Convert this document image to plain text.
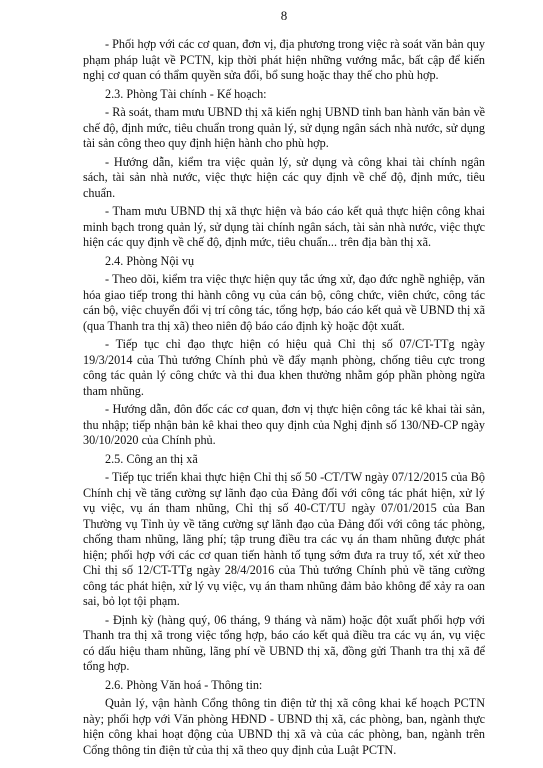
8

- Phối hợp với các cơ quan, đơn vị, địa phương trong việc rà soát văn bản quy phạm pháp luật về PCTN, kịp thời phát hiện những vướng mắc, bất cập để kiến nghị cơ quan có thẩm quyền sửa đổi, bổ sung hoặc thay thế cho phù hợp.

2.3. Phòng Tài chính - Kế hoạch:

- Rà soát, tham mưu UBND thị xã kiến nghị UBND tỉnh ban hành văn bản về chế độ, định mức, tiêu chuẩn trong quản lý, sử dụng ngân sách nhà nước, sử dụng tài sản công theo quy định hiện hành cho phù hợp.

- Hướng dẫn, kiểm tra việc quản lý, sử dụng và công khai tài chính ngân sách, tài sản nhà nước, việc thực hiện các quy định về chế độ, định mức, tiêu chuẩn.

- Tham mưu UBND thị xã thực hiện và báo cáo kết quả thực hiện công khai minh bạch trong quản lý, sử dụng tài chính ngân sách, tài sản nhà nước, việc thực hiện các quy định về chế độ, định mức, tiêu chuẩn... trên địa bàn thị xã.

2.4. Phòng Nội vụ

- Theo dõi, kiểm tra việc thực hiện quy tắc ứng xử, đạo đức nghề nghiệp, văn hóa giao tiếp trong thi hành công vụ của cán bộ, công chức, viên chức, công tác cán bộ, việc chuyển đổi vị trí công tác, tổng hợp, báo cáo kết quả về UBND thị xã (qua Thanh tra thị xã) theo niên độ báo cáo định kỳ hoặc đột xuất.

- Tiếp tục chỉ đạo thực hiện có hiệu quả Chỉ thị số 07/CT-TTg ngày 19/3/2014 của Thủ tướng Chính phủ về đẩy mạnh phòng, chống tiêu cực trong công tác quản lý công chức và thi đua khen thưởng nhằm góp phần phòng ngừa tham nhũng.

- Hướng dẫn, đôn đốc các cơ quan, đơn vị thực hiện công tác kê khai tài sản, thu nhập; tiếp nhận bản kê khai theo quy định của Nghị định số 130/NĐ-CP ngày 30/10/2020 của Chính phủ.

2.5. Công an thị xã

- Tiếp tục triển khai thực hiện Chỉ thị số 50 -CT/TW ngày 07/12/2015 của Bộ Chính chị về tăng cường sự lãnh đạo của Đảng đối với công tác phát hiện, xử lý vụ việc, vụ án tham nhũng, Chỉ thị số 40-CT/TU ngày 07/01/2015 của Ban Thường vụ Tỉnh ủy về tăng cường sự lãnh đạo của Đảng đối với công tác phòng, chống tham nhũng, lãng phí; tập trung điều tra các vụ án tham nhũng được phát hiện; phối hợp với các cơ quan tiến hành tố tụng sớm đưa ra truy tố, xét xử theo Chỉ thị số 12/CT-TTg ngày 28/4/2016 của Thủ tướng Chính phủ về tăng cường công tác phát hiện, xử lý vụ việc, vụ án tham nhũng đảm bảo không để xảy ra oan sai, bỏ lọt tội phạm.

- Định kỳ (hàng quý, 06 tháng, 9 tháng và năm) hoặc đột xuất phối hợp với Thanh tra thị xã trong việc tổng hợp, báo cáo kết quả điều tra các vụ án, vụ việc có dấu hiệu tham nhũng, lãng phí về UBND thị xã, đồng gửi Thanh tra thị xã để tổng hợp.

2.6. Phòng Văn hoá - Thông tin:

Quản lý, vận hành Cổng thông tin điện tử thị xã công khai kế hoạch PCTN này; phối hợp với Văn phòng HĐND - UBND thị xã, các phòng, ban, ngành thực hiện công khai hoạt động của UBND thị xã và của các phòng, ban, ngành trên Cổng thông tin điện tử của thị xã theo quy định của Luật PCTN.
